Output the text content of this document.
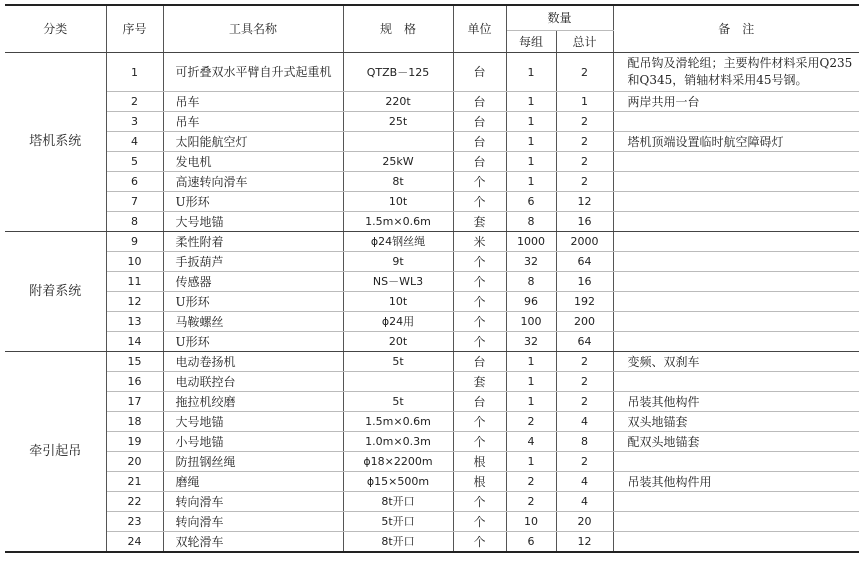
分类	序号	工具名称	规　格	单位	数量		备　注
					每组	总计	
塔机系统	1	可折叠双水平臂自升式起重机	QTZB－125	台	1	2	配吊钩及滑轮组；主要构件材料采用Q235和Q345，销轴材料采用45号钢。
	2	吊车	220t	台	1	1	两岸共用一台
	3	吊车	25t	台	1	2	
	4	太阳能航空灯		台	1	2	塔机顶端设置临时航空障碍灯
	5	发电机	25kW	台	1	2	
	6	高速转向滑车	8t	个	1	2	
	7	U形环	10t	个	6	12	
	8	大号地锚	1.5m×0.6m	套	8	16	
附着系统	9	柔性附着	ϕ24钢丝绳	米	1000	2000	
	10	手扳葫芦	9t	个	32	64	
	11	传感器	NS－WL3	个	8	16	
	12	U形环	10t	个	96	192	
	13	马鞍螺丝	ϕ24用	个	100	200	
	14	U形环	20t	个	32	64	
牵引起吊	15	电动卷扬机	5t	台	1	2	变频、双刹车
	16	电动联控台		套	1	2	
	17	拖拉机绞磨	5t	台	1	2	吊装其他构件
	18	大号地锚	1.5m×0.6m	个	2	4	双头地锚套
	19	小号地锚	1.0m×0.3m	个	4	8	配双头地锚套
	20	防扭钢丝绳	ϕ18×2200m	根	1	2	
	21	磨绳	ϕ15×500m	根	2	4	吊装其他构件用
	22	转向滑车	8t开口	个	2	4	
	23	转向滑车	5t开口	个	10	20	
	24	双轮滑车	8t开口	个	6	12	
